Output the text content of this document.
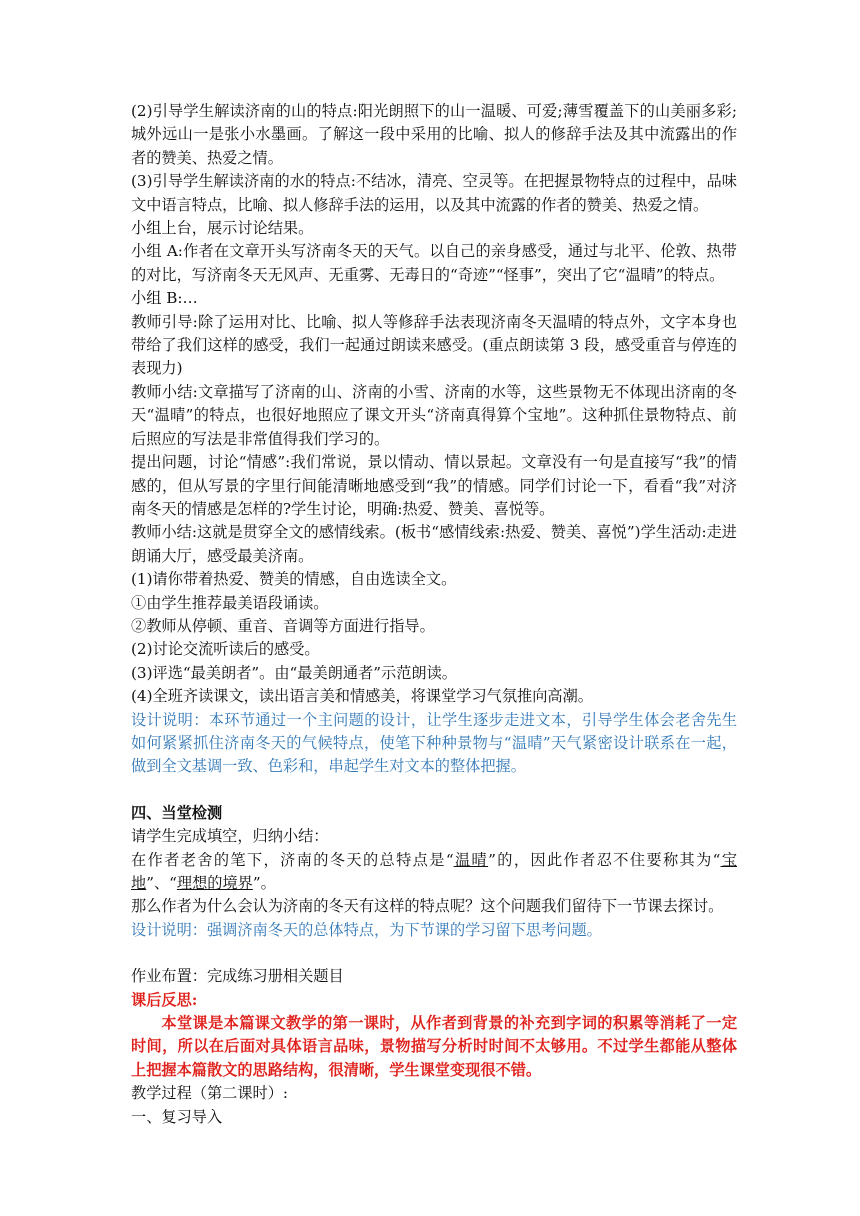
(2)引导学生解读济南的山的特点:阳光朗照下的山一温暖、可爱;薄雪覆盖下的山美丽多彩;城外远山一是张小水墨画。了解这一段中采用的比喻、拟人的修辞手法及其中流露出的作者的赞美、热爱之情。

(3)引导学生解读济南的水的特点:不结冰，清亮、空灵等。在把握景物特点的过程中，品味文中语言特点，比喻、拟人修辞手法的运用，以及其中流露的作者的赞美、热爱之情。

小组上台，展示讨论结果。

小组 A:作者在文章开头写济南冬天的天气。以自己的亲身感受，通过与北平、伦敦、热带的对比，写济南冬天无风声、无重雾、无毒日的“奇迹”“怪事”，突出了它“温晴”的特点。

小组 B:…

教师引导:除了运用对比、比喻、拟人等修辞手法表现济南冬天温晴的特点外，文字本身也带给了我们这样的感受，我们一起通过朗读来感受。(重点朗读第 3 段，感受重音与停连的表现力)

教师小结:文章描写了济南的山、济南的小雪、济南的水等，这些景物无不体现出济南的冬天“温晴”的特点，也很好地照应了课文开头“济南真得算个宝地”。这种抓住景物特点、前后照应的写法是非常值得我们学习的。

提出问题，讨论“情感”:我们常说，景以情动、情以景起。文章没有一句是直接写“我”的情感的，但从写景的字里行间能清晰地感受到“我”的情感。同学们讨论一下，看看“我”对济南冬天的情感是怎样的?学生讨论，明确:热爱、赞美、喜悦等。

教师小结:这就是贯穿全文的感情线索。(板书“感情线索:热爱、赞美、喜悦”)学生活动:走进朗诵大厅，感受最美济南。

(1)请你带着热爱、赞美的情感，自由选读全文。

①由学生推荐最美语段诵读。

②教师从停顿、重音、音调等方面进行指导。

(2)讨论交流听读后的感受。

(3)评选“最美朗者”。由“最美朗通者”示范朗读。

(4)全班齐读课文，读出语言美和情感美，将课堂学习气氛推向高潮。

设计说明：本环节通过一个主问题的设计，让学生逐步走进文本，引导学生体会老舍先生如何紧紧抓住济南冬天的气候特点，使笔下种种景物与“温晴”天气紧密设计联系在一起，做到全文基调一致、色彩和，串起学生对文本的整体把握。

四、当堂检测

请学生完成填空，归纳小结：

在作者老舍的笔下，济南的冬天的总特点是“温晴”的，因此作者忍不住要称其为“宝地”、“理想的境界”。

那么作者为什么会认为济南的冬天有这样的特点呢？这个问题我们留待下一节课去探讨。

设计说明：强调济南冬天的总体特点，为下节课的学习留下思考问题。

作业布置：完成练习册相关题目

课后反思:

本堂课是本篇课文教学的第一课时，从作者到背景的补充到字词的积累等消耗了一定时间，所以在后面对具体语言品味，景物描写分析时时间不太够用。不过学生都能从整体上把握本篇散文的思路结构，很清晰，学生课堂变现很不错。

教学过程（第二课时）:

一、复习导入
